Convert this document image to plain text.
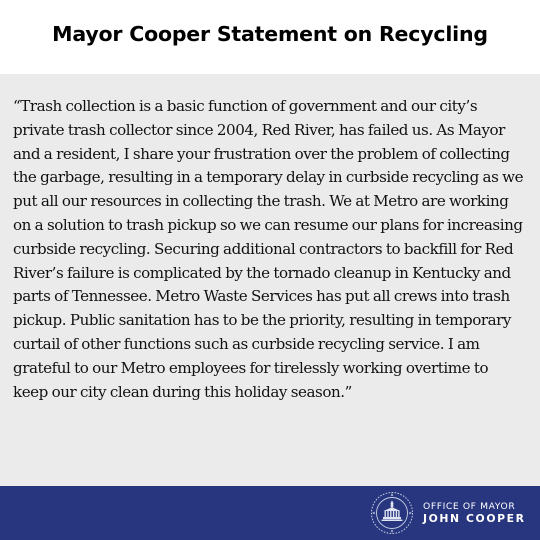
Mayor Cooper Statement on Recycling

“Trash collection is a basic function of government and our city’s
private trash collector since 2004, Red River, has failed us. As Mayor
and a resident, I share your frustration over the problem of collecting
the garbage, resulting in a temporary delay in curbside recycling as we
put all our resources in collecting the trash. We at Metro are working
on a solution to trash pickup so we can resume our plans for increasing
curbside recycling. Securing additional contractors to backfill for Red
River’s failure is complicated by the tornado cleanup in Kentucky and
parts of Tennessee. Metro Waste Services has put all crews into trash
pickup. Public sanitation has to be the priority, resulting in temporary
curtail of other functions such as curbside recycling service. I am
grateful to our Metro employees for tirelessly working overtime to
keep our city clean during this holiday season.”

OFFICE OF MAYOR
JOHN COOPER
